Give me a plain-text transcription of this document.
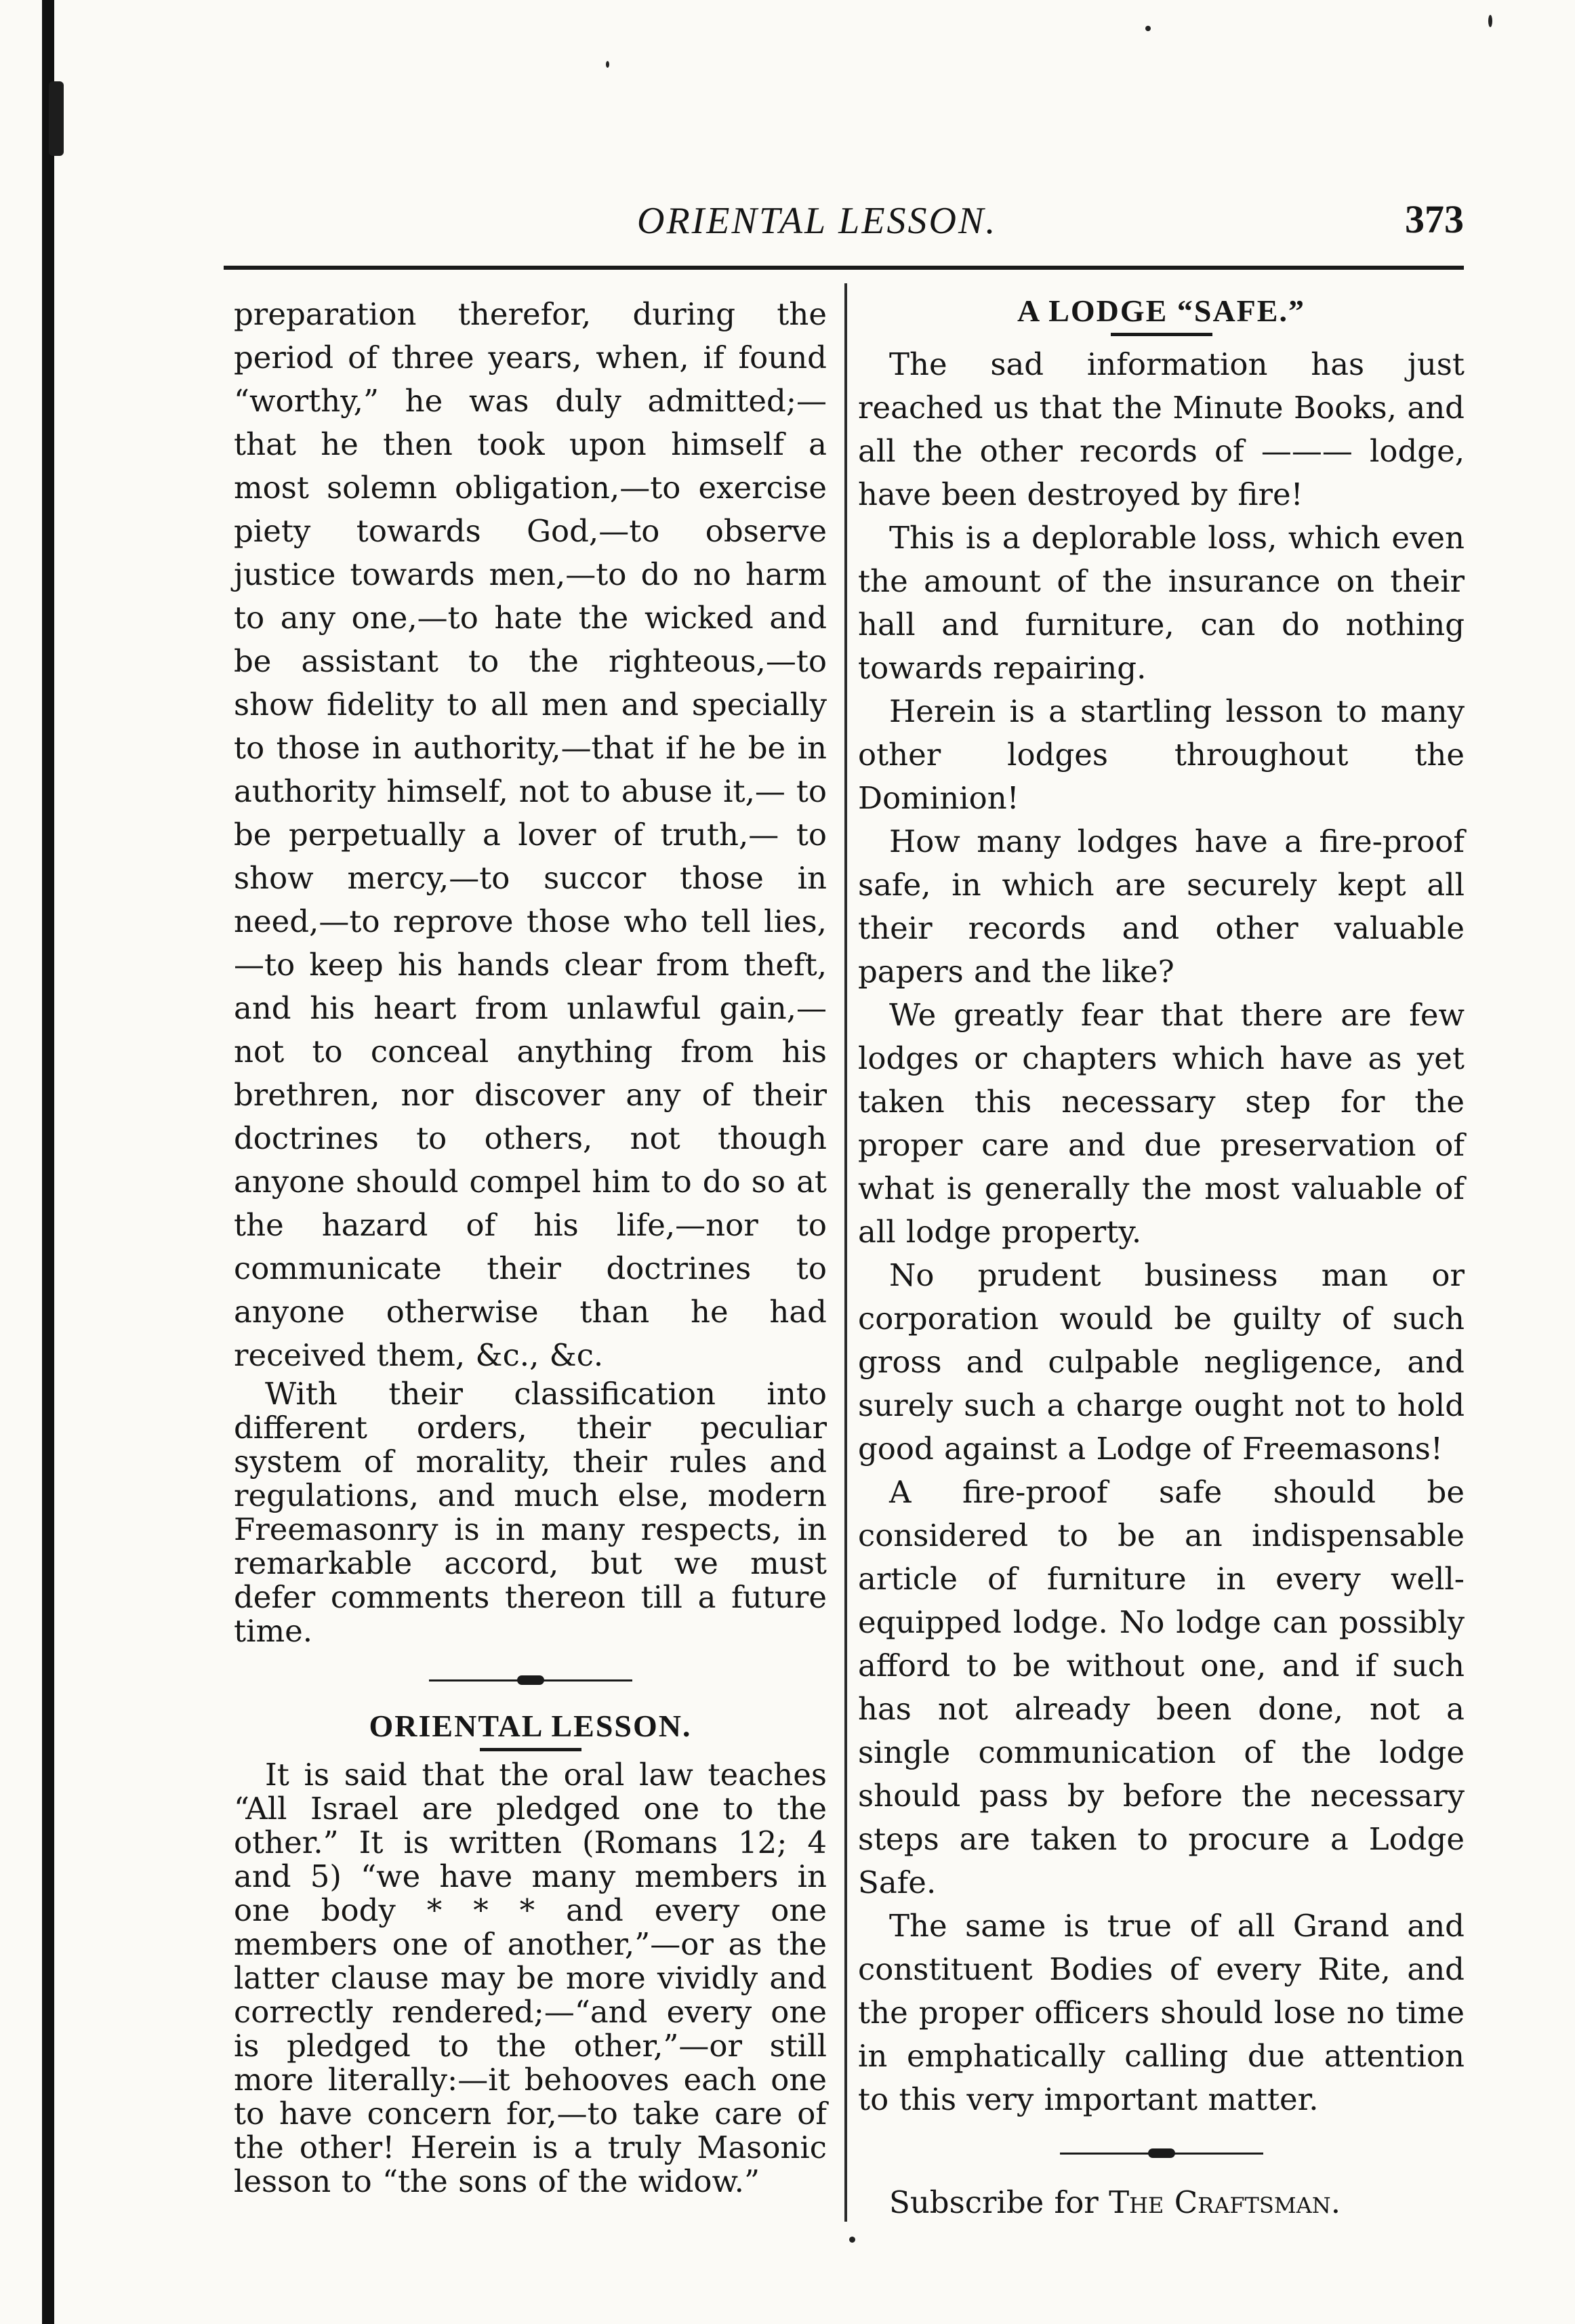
ORIENTAL LESSON.	373

preparation therefor, during the period of three years, when, if found “worthy,” he was duly admitted;— that he then took upon himself a most solemn obligation,—to exercise piety towards God,—to observe justice towards men,—to do no harm to any one,—to hate the wicked and be assistant to the righteous,—to show fidelity to all men and specially to those in authority,—that if he be in authority himself, not to abuse it,— to be perpetually a lover of truth,— to show mercy,—to succor those in need,—to reprove those who tell lies, —to keep his hands clear from theft, and his heart from unlawful gain,— not to conceal anything from his brethren, nor discover any of their doctrines to others, not though anyone should compel him to do so at the hazard of his life,—nor to communicate their doctrines to anyone otherwise than he had received them, &c., &c.

With their classification into different orders, their peculiar system of morality, their rules and regulations, and much else, modern Freemasonry is in many respects, in remarkable accord, but we must defer comments thereon till a future time.

ORIENTAL LESSON.

It is said that the oral law teaches “All Israel are pledged one to the other.” It is written (Romans 12; 4 and 5) “we have many members in one body * * * and every one members one of another,”—or as the latter clause may be more vividly and correctly rendered;—“and every one is pledged to the other,”—or still more literally:—it behooves each one to have concern for,—to take care of the other! Herein is a truly Masonic lesson to “the sons of the widow.”

A LODGE “SAFE.”

The sad information has just reached us that the Minute Books, and all the other records of ——— lodge, have been destroyed by fire!

This is a deplorable loss, which even the amount of the insurance on their hall and furniture, can do nothing towards repairing.

Herein is a startling lesson to many other lodges throughout the Dominion!

How many lodges have a fire-proof safe, in which are securely kept all their records and other valuable papers and the like?

We greatly fear that there are few lodges or chapters which have as yet taken this necessary step for the proper care and due preservation of what is generally the most valuable of all lodge property.

No prudent business man or corporation would be guilty of such gross and culpable negligence, and surely such a charge ought not to hold good against a Lodge of Freemasons!

A fire-proof safe should be considered to be an indispensable article of furniture in every well-equipped lodge. No lodge can possibly afford to be without one, and if such has not already been done, not a single communication of the lodge should pass by before the necessary steps are taken to procure a Lodge Safe.

The same is true of all Grand and constituent Bodies of every Rite, and the proper officers should lose no time in emphatically calling due attention to this very important matter.

Subscribe for The Craftsman.
